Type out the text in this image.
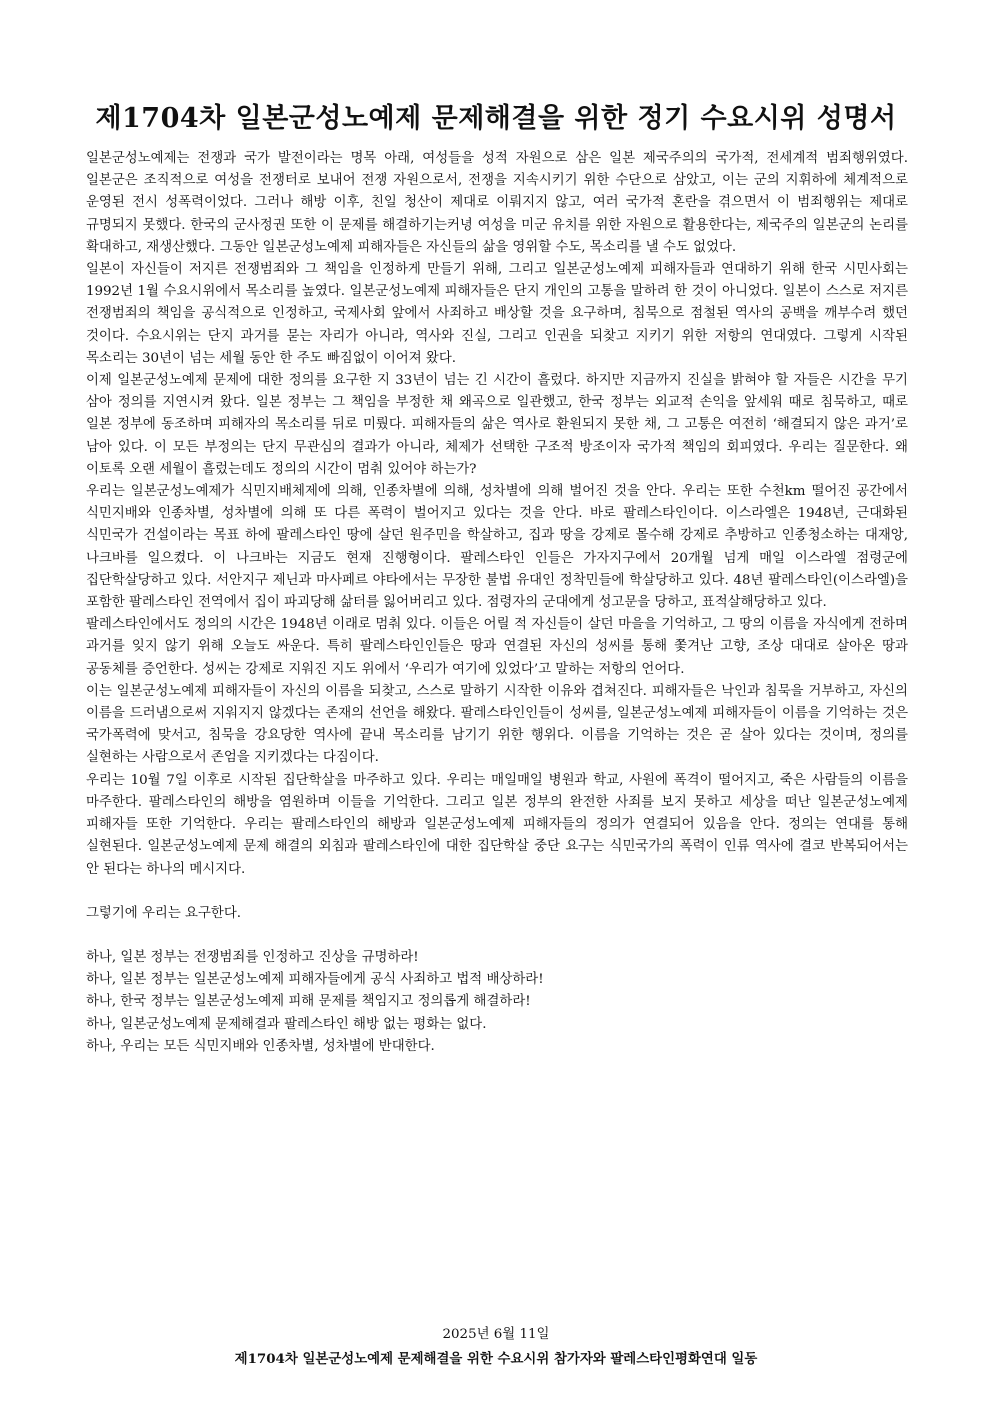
제1704차 일본군성노예제 문제해결을 위한 정기 수요시위 성명서

일본군성노예제는 전쟁과 국가 발전이라는 명목 아래, 여성들을 성적 자원으로 삼은 일본 제국주의의 국가적, 전세계적 범죄행위였다. 일본군은 조직적으로 여성을 전쟁터로 보내어 전쟁 자원으로서, 전쟁을 지속시키기 위한 수단으로 삼았고, 이는 군의 지휘하에 체계적으로 운영된 전시 성폭력이었다. 그러나 해방 이후, 친일 청산이 제대로 이뤄지지 않고, 여러 국가적 혼란을 겪으면서 이 범죄행위는 제대로 규명되지 못했다. 한국의 군사정권 또한 이 문제를 해결하기는커녕 여성을 미군 유치를 위한 자원으로 활용한다는, 제국주의 일본군의 논리를 확대하고, 재생산했다. 그동안 일본군성노예제 피해자들은 자신들의 삶을 영위할 수도, 목소리를 낼 수도 없었다.

일본이 자신들이 저지른 전쟁범죄와 그 책임을 인정하게 만들기 위해, 그리고 일본군성노예제 피해자들과 연대하기 위해 한국 시민사회는 1992년 1월 수요시위에서 목소리를 높였다. 일본군성노예제 피해자들은 단지 개인의 고통을 말하려 한 것이 아니었다. 일본이 스스로 저지른 전쟁범죄의 책임을 공식적으로 인정하고, 국제사회 앞에서 사죄하고 배상할 것을 요구하며, 침묵으로 점철된 역사의 공백을 깨부수려 했던 것이다. 수요시위는 단지 과거를 묻는 자리가 아니라, 역사와 진실, 그리고 인권을 되찾고 지키기 위한 저항의 연대였다. 그렇게 시작된 목소리는 30년이 넘는 세월 동안 한 주도 빠짐없이 이어져 왔다.

이제 일본군성노예제 문제에 대한 정의를 요구한 지 33년이 넘는 긴 시간이 흘렀다. 하지만 지금까지 진실을 밝혀야 할 자들은 시간을 무기 삼아 정의를 지연시켜 왔다. 일본 정부는 그 책임을 부정한 채 왜곡으로 일관했고, 한국 정부는 외교적 손익을 앞세워 때로 침묵하고, 때로 일본 정부에 동조하며 피해자의 목소리를 뒤로 미뤘다. 피해자들의 삶은 역사로 환원되지 못한 채, 그 고통은 여전히 ‘해결되지 않은 과거’로 남아 있다. 이 모든 부정의는 단지 무관심의 결과가 아니라, 체제가 선택한 구조적 방조이자 국가적 책임의 회피였다. 우리는 질문한다. 왜 이토록 오랜 세월이 흘렀는데도 정의의 시간이 멈춰 있어야 하는가?

우리는 일본군성노예제가 식민지배체제에 의해, 인종차별에 의해, 성차별에 의해 벌어진 것을 안다. 우리는 또한 수천km 떨어진 공간에서 식민지배와 인종차별, 성차별에 의해 또 다른 폭력이 벌어지고 있다는 것을 안다. 바로 팔레스타인이다. 이스라엘은 1948년, 근대화된 식민국가 건설이라는 목표 하에 팔레스타인 땅에 살던 원주민을 학살하고, 집과 땅을 강제로 몰수해 강제로 추방하고 인종청소하는 대재앙, 나크바를 일으켰다. 이 나크바는 지금도 현재 진행형이다. 팔레스타인 인들은 가자지구에서 20개월 넘게 매일 이스라엘 점령군에 집단학살당하고 있다. 서안지구 제닌과 마사페르 야타에서는 무장한 불법 유대인 정착민들에 학살당하고 있다. 48년 팔레스타인(이스라엘)을 포함한 팔레스타인 전역에서 집이 파괴당해 삶터를 잃어버리고 있다. 점령자의 군대에게 성고문을 당하고, 표적살해당하고 있다.

팔레스타인에서도 정의의 시간은 1948년 이래로 멈춰 있다. 이들은 어릴 적 자신들이 살던 마을을 기억하고, 그 땅의 이름을 자식에게 전하며 과거를 잊지 않기 위해 오늘도 싸운다. 특히 팔레스타인인들은 땅과 연결된 자신의 성씨를 통해 쫓겨난 고향, 조상 대대로 살아온 땅과 공동체를 증언한다. 성씨는 강제로 지워진 지도 위에서 ‘우리가 여기에 있었다’고 말하는 저항의 언어다.

이는 일본군성노예제 피해자들이 자신의 이름을 되찾고, 스스로 말하기 시작한 이유와 겹쳐진다. 피해자들은 낙인과 침묵을 거부하고, 자신의 이름을 드러냄으로써 지워지지 않겠다는 존재의 선언을 해왔다. 팔레스타인인들이 성씨를, 일본군성노예제 피해자들이 이름을 기억하는 것은 국가폭력에 맞서고, 침묵을 강요당한 역사에 끝내 목소리를 남기기 위한 행위다. 이름을 기억하는 것은 곧 살아 있다는 것이며, 정의를 실현하는 사람으로서 존엄을 지키겠다는 다짐이다.

우리는 10월 7일 이후로 시작된 집단학살을 마주하고 있다. 우리는 매일매일 병원과 학교, 사원에 폭격이 떨어지고, 죽은 사람들의 이름을 마주한다. 팔레스타인의 해방을 염원하며 이들을 기억한다. 그리고 일본 정부의 완전한 사죄를 보지 못하고 세상을 떠난 일본군성노예제 피해자들 또한 기억한다. 우리는 팔레스타인의 해방과 일본군성노예제 피해자들의 정의가 연결되어 있음을 안다. 정의는 연대를 통해 실현된다. 일본군성노예제 문제 해결의 외침과 팔레스타인에 대한 집단학살 중단 요구는 식민국가의 폭력이 인류 역사에 결코 반복되어서는 안 된다는 하나의 메시지다.

그렇기에 우리는 요구한다.

하나, 일본 정부는 전쟁범죄를 인정하고 진상을 규명하라!
하나, 일본 정부는 일본군성노예제 피해자들에게 공식 사죄하고 법적 배상하라!
하나, 한국 정부는 일본군성노예제 피해 문제를 책임지고 정의롭게 해결하라!
하나, 일본군성노예제 문제해결과 팔레스타인 해방 없는 평화는 없다.
하나, 우리는 모든 식민지배와 인종차별, 성차별에 반대한다.
2025년 6월 11일
제1704차 일본군성노예제 문제해결을 위한 수요시위 참가자와 팔레스타인평화연대 일동
